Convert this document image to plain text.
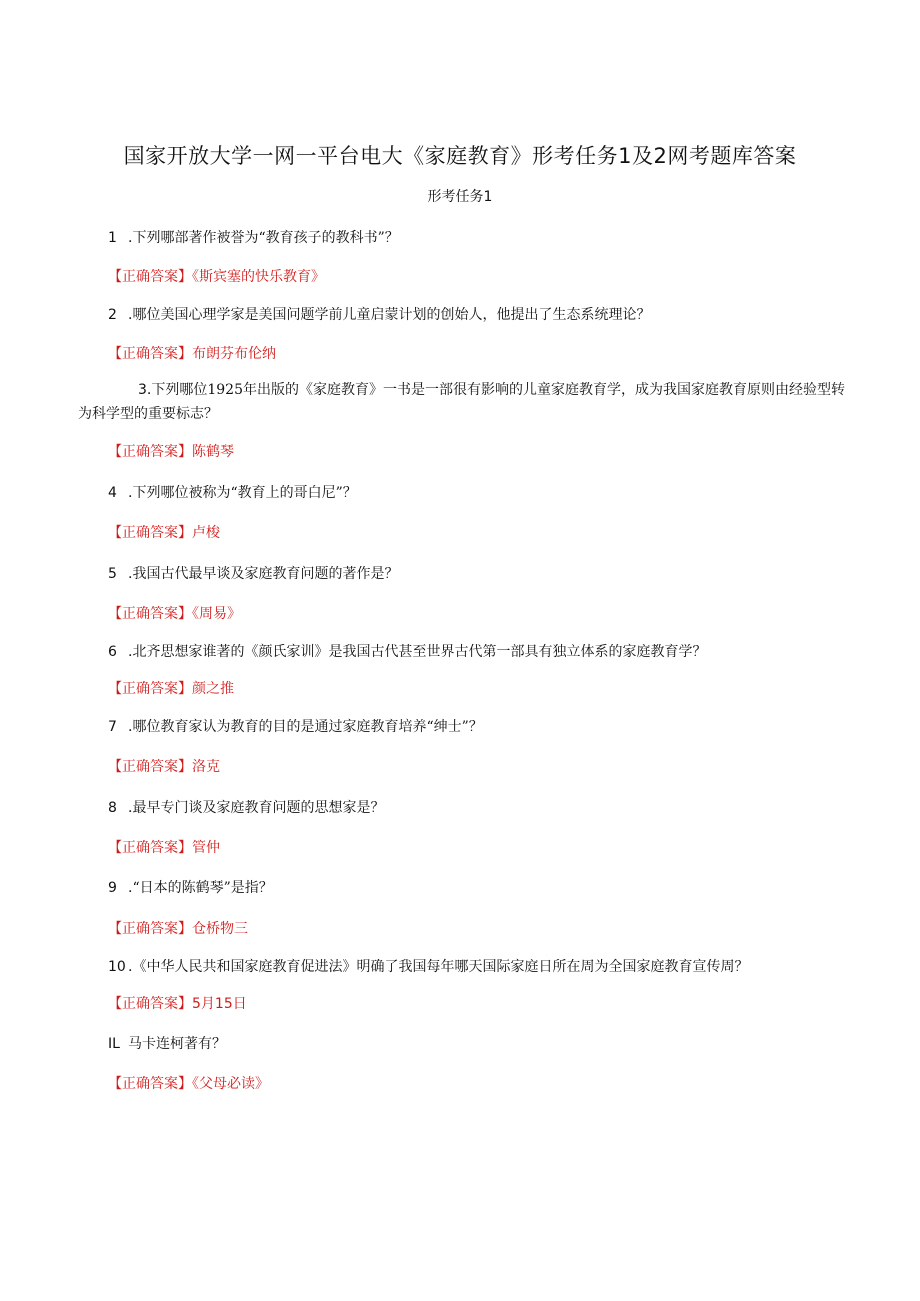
国家开放大学一网一平台电大《家庭教育》形考任务1及2网考题库答案
形考任务1
1 .下列哪部著作被誉为“教育孩子的教科书”？
【正确答案】《斯宾塞的快乐教育》
2 .哪位美国心理学家是美国问题学前儿童启蒙计划的创始人，他提出了生态系统理论？
【正确答案】布朗芬布伦纳
3.下列哪位1925年出版的《家庭教育》一书是一部很有影响的儿童家庭教育学，成为我国家庭教育原则由经验型转为科学型的重要标志？
【正确答案】陈鹤琴
4 .下列哪位被称为“教育上的哥白尼”？
【正确答案】卢梭
5 .我国古代最早谈及家庭教育问题的著作是？
【正确答案】《周易》
6 .北齐思想家谁著的《颜氏家训》是我国古代甚至世界古代第一部具有独立体系的家庭教育学？
【正确答案】颜之推
7 .哪位教育家认为教育的目的是通过家庭教育培养“绅士”？
【正确答案】洛克
8 .最早专门谈及家庭教育问题的思想家是？
【正确答案】管仲
9 .“日本的陈鹤琴”是指？
【正确答案】仓桥物三
10 .《中华人民共和国家庭教育促进法》明确了我国每年哪天国际家庭日所在周为全国家庭教育宣传周？
【正确答案】5月15日
IL 马卡连柯著有？
【正确答案】《父母必读》
